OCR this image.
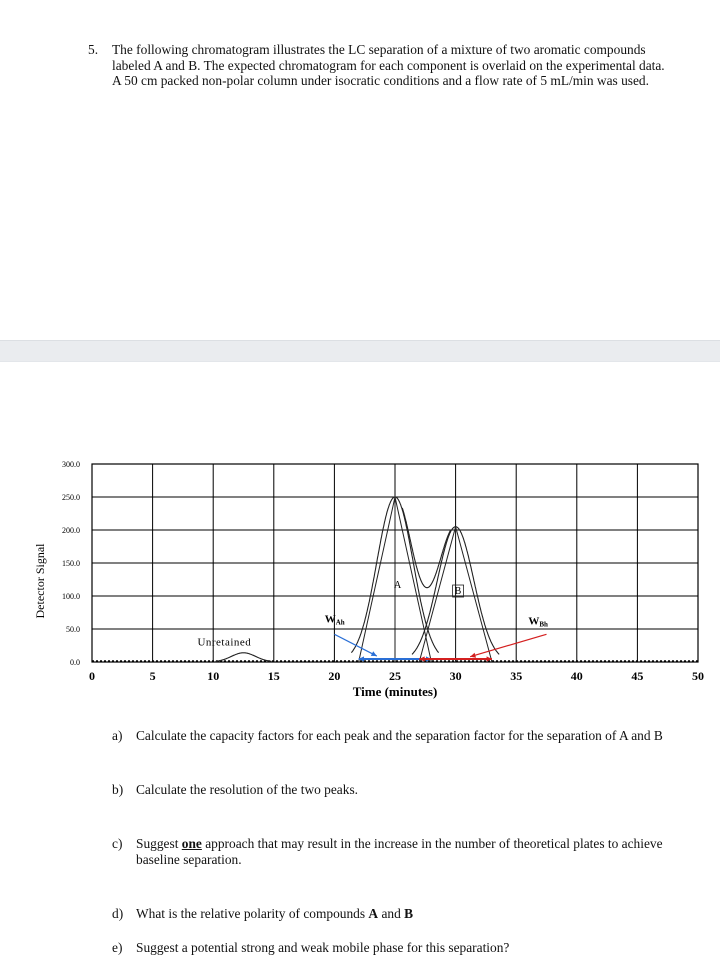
5. The following chromatogram illustrates the LC separation of a mixture of two aromatic compounds labeled A and B. The expected chromatogram for each component is overlaid on the experimental data. A 50 cm packed non-polar column under isocratic conditions and a flow rate of 5 mL/min was used.
0	5	10	15	20	25	30	35	40	45	50
0.0
50.0
100.0
150.0
200.0
250.0
300.0
Time (minutes)
Detector Signal	A
B
Unretained
WAh	WBh
a) Calculate the capacity factors for each peak and the separation factor for the separation of A and B
b) Calculate the resolution of the two peaks.
c) Suggest one approach that may result in the increase in the number of theoretical plates to achieve baseline separation.
d) What is the relative polarity of compounds A and B
e) Suggest a potential strong and weak mobile phase for this separation?
